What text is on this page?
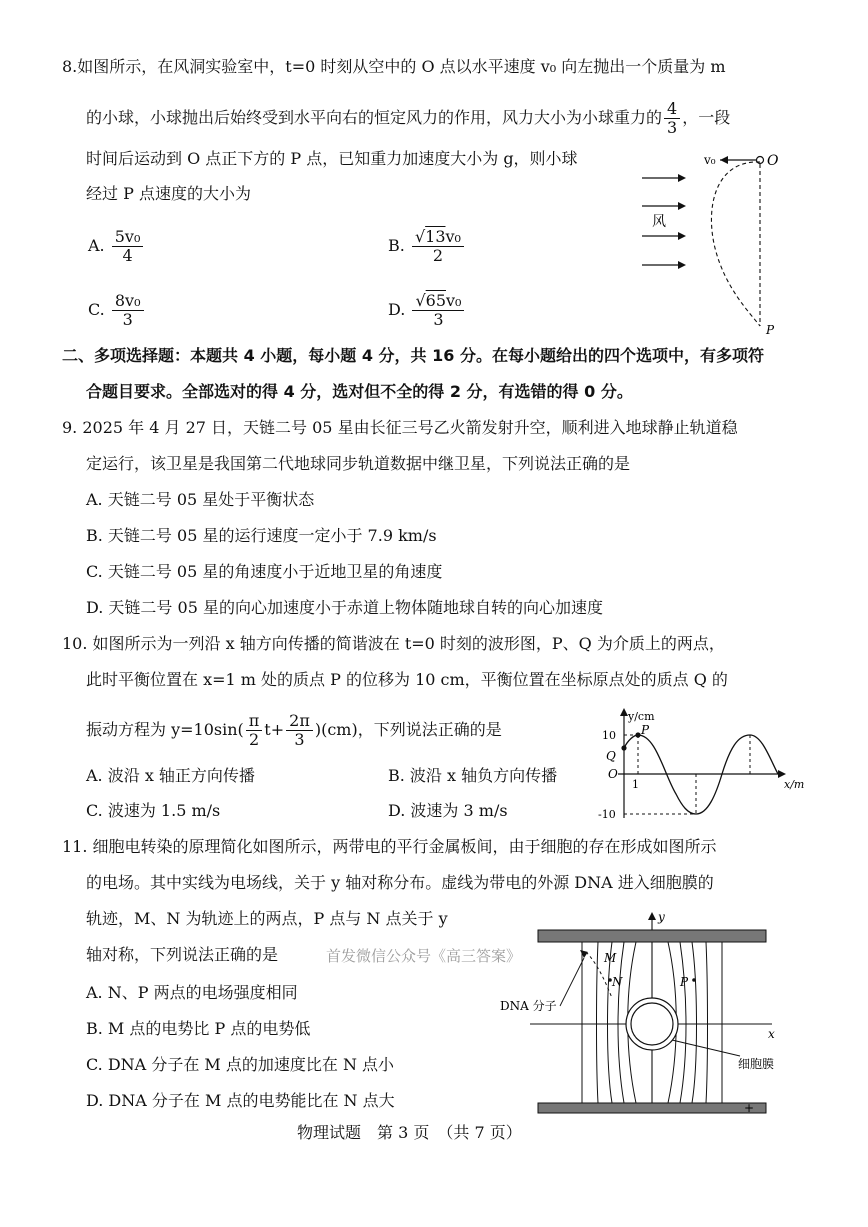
8.如图所示，在风洞实验室中，t=0 时刻从空中的 O 点以水平速度 v₀ 向左抛出一个质量为 m
的小球，小球抛出后始终受到水平向右的恒定风力的作用，风力大小为小球重力的 $\frac{4}{3}$ ，一段
时间后运动到 O 点正下方的 P 点，已知重力加速度大小为 g，则小球
经过 P 点速度的大小为
A. $\frac{\text{5v₀}}{4}$	B. $\frac{\text{√13v₀}}{2}$
C. $\frac{\text{8v₀}}{3}$	D. $\frac{\text{√65v₀}}{3}$
v₀	O
风
P
二、多项选择题：本题共 4 小题，每小题 4 分，共 16 分。在每小题给出的四个选项中，有多项符
合题目要求。全部选对的得 4 分，选对但不全的得 2 分，有选错的得 0 分。
9. 2025 年 4 月 27 日，天链二号 05 星由长征三号乙火箭发射升空，顺利进入地球静止轨道稳
定运行，该卫星是我国第二代地球同步轨道数据中继卫星，下列说法正确的是
A. 天链二号 05 星处于平衡状态
B. 天链二号 05 星的运行速度一定小于 7.9 km/s
C. 天链二号 05 星的角速度小于近地卫星的角速度
D. 天链二号 05 星的向心加速度小于赤道上物体随地球自转的向心加速度
10. 如图所示为一列沿 x 轴方向传播的简谐波在 t=0 时刻的波形图，P、Q 为介质上的两点，
此时平衡位置在 x=1 m 处的质点 P 的位移为 10 cm，平衡位置在坐标原点处的质点 Q 的
振动方程为 $y=10\sin( \frac{\pi}{2} t+ \frac{2\pi}{3} )(cm)$，下列说法正确的是
A. 波沿 x 轴正方向传播	B. 波沿 x 轴负方向传播
C. 波速为 1.5 m/s	D. 波速为 3 m/s
y/cm
x/m
O
10
-10
Q
P
1
11. 细胞电转染的原理简化如图所示，两带电的平行金属板间，由于细胞的存在形成如图所示
的电场。其中实线为电场线，关于 y 轴对称分布。虚线为带电的外源 DNA 进入细胞膜的
轨迹，M、N 为轨迹上的两点，P 点与 N 点关于 y
轴对称，下列说法正确的是	首发微信公众号《高三答案》
A. N、P 两点的电场强度相同
B. M 点的电势比 P 点的电势低
C. DNA 分子在 M 点的加速度比在 N 点小
D. DNA 分子在 M 点的电势能比在 N 点大
y
x
M
N	P
DNA 分子
细胞膜
+
物理试题　第 3 页　（共 7 页）
